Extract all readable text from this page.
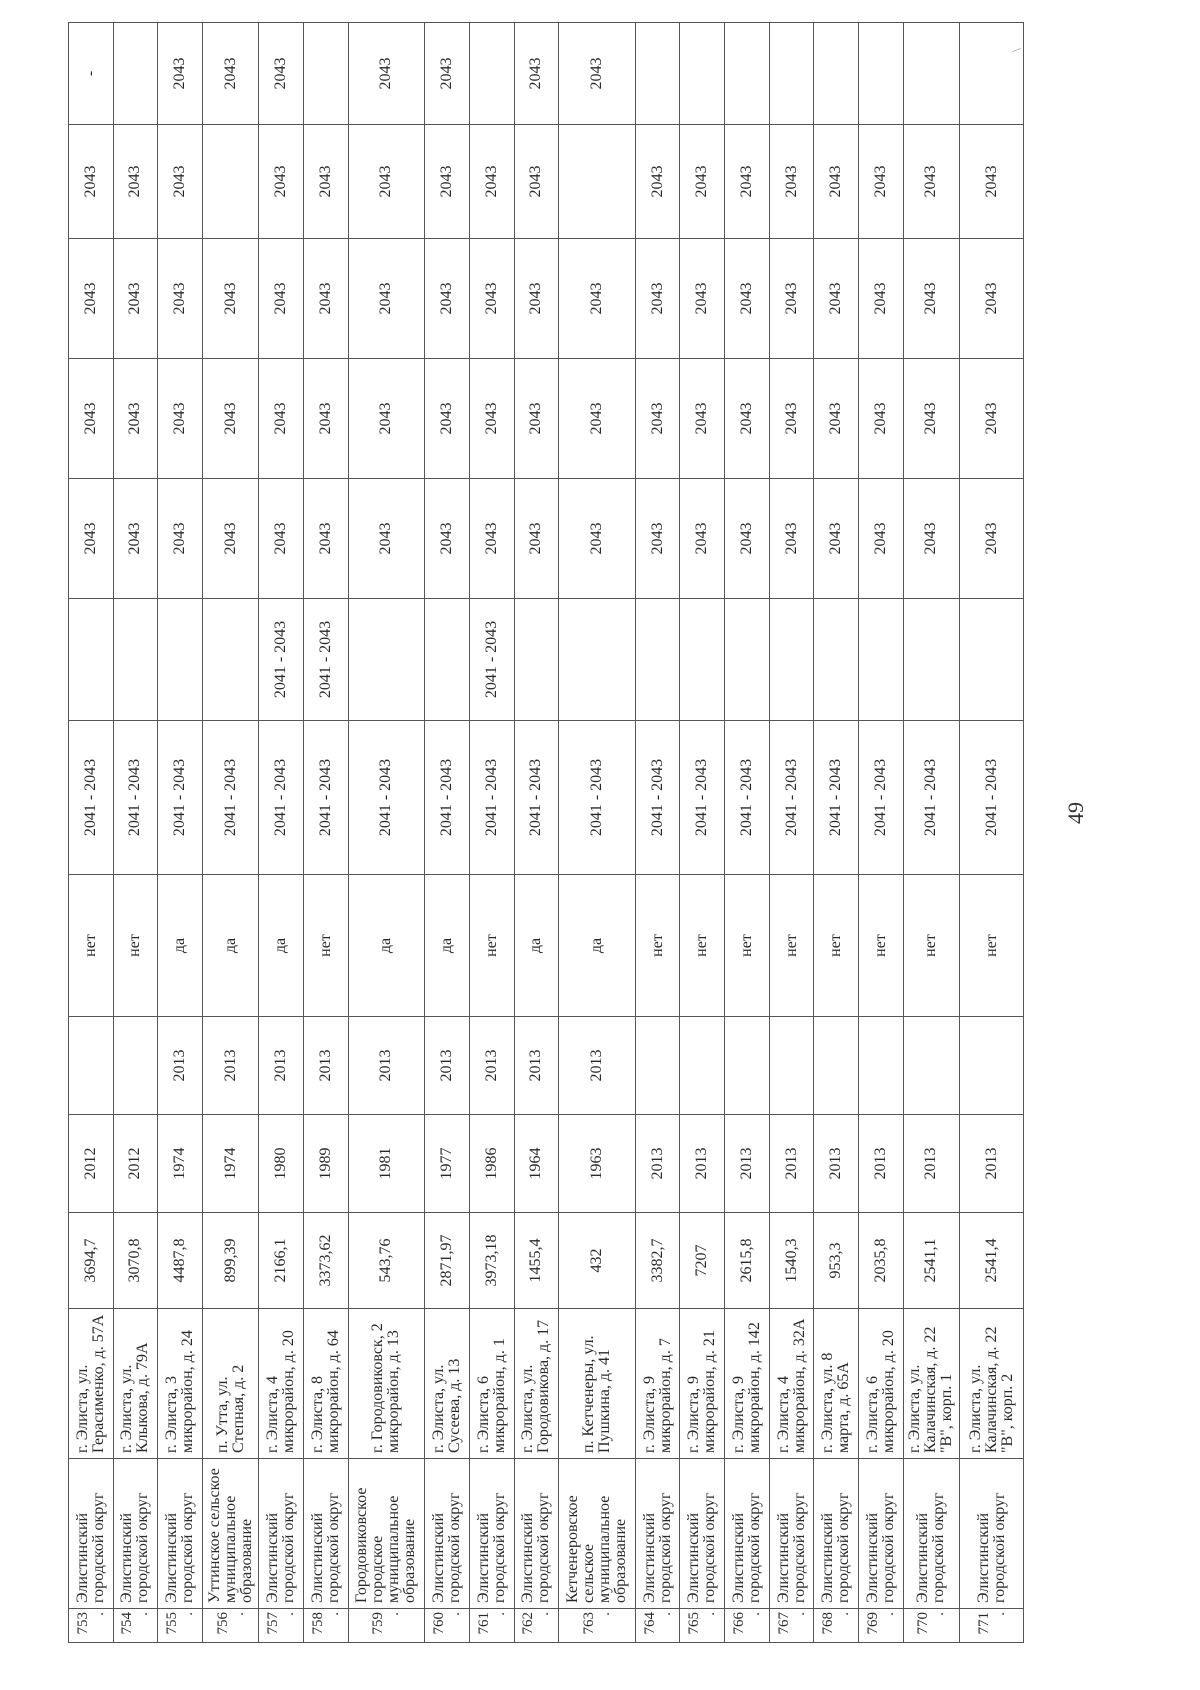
753.	Элистинский городской округ	г. Элиста, ул. Герасименко, д. 57А	3694,7	2012		нет	2041 - 2043		2043	2043	2043	2043	-
754.	Элистинский городской округ	г. Элиста, ул. Клыкова, д. 79А	3070,8	2012		нет	2041 - 2043		2043	2043	2043	2043	
755.	Элистинский городской округ	г. Элиста, 3 микрорайон, д. 24	4487,8	1974	2013	да	2041 - 2043		2043	2043	2043	2043	2043
756.	Уттинское сельское муниципальное образование	п. Утта, ул. Степная, д. 2	899,39	1974	2013	да	2041 - 2043		2043	2043	2043		2043
757.	Элистинский городской округ	г. Элиста, 4 микрорайон, д. 20	2166,1	1980	2013	да	2041 - 2043	2041 - 2043	2043	2043	2043	2043	2043
758.	Элистинский городской округ	г. Элиста, 8 микрорайон, д. 64	3373,62	1989	2013	нет	2041 - 2043	2041 - 2043	2043	2043	2043	2043	
759.	Городовиковское городское муниципальное образование	г. Городовиковск, 2 микрорайон, д. 13	543,76	1981	2013	да	2041 - 2043		2043	2043	2043	2043	2043
760.	Элистинский городской округ	г. Элиста, ул. Сусеева, д. 13	2871,97	1977	2013	да	2041 - 2043		2043	2043	2043	2043	2043
761.	Элистинский городской округ	г. Элиста, 6 микрорайон, д. 1	3973,18	1986	2013	нет	2041 - 2043	2041 - 2043	2043	2043	2043	2043	
762.	Элистинский городской округ	г. Элиста, ул. Городовикова, д. 17	1455,4	1964	2013	да	2041 - 2043		2043	2043	2043	2043	2043
763.	Кетченеровское сельское муниципальное образование	п. Кетченеры, ул. Пушкина, д. 41	432	1963	2013	да	2041 - 2043		2043	2043	2043		2043
764.	Элистинский городской округ	г. Элиста, 9 микрорайон, д. 7	3382,7	2013		нет	2041 - 2043		2043	2043	2043	2043	
765.	Элистинский городской округ	г. Элиста, 9 микрорайон, д. 21	7207	2013		нет	2041 - 2043		2043	2043	2043	2043	
766.	Элистинский городской округ	г. Элиста, 9 микрорайон, д. 142	2615,8	2013		нет	2041 - 2043		2043	2043	2043	2043	
767.	Элистинский городской округ	г. Элиста, 4 микрорайон, д. 32А	1540,3	2013		нет	2041 - 2043		2043	2043	2043	2043	
768.	Элистинский городской округ	г. Элиста, ул. 8 марта, д. 65А	953,3	2013		нет	2041 - 2043		2043	2043	2043	2043	
769.	Элистинский городской округ	г. Элиста, 6 микрорайон, д. 20	2035,8	2013		нет	2041 - 2043		2043	2043	2043	2043	
770.	Элистинский городской округ	г. Элиста, ул. Калачинская, д. 22 "В", корп. 1	2541,1	2013		нет	2041 - 2043		2043	2043	2043	2043	
771.	Элистинский городской округ	г. Элиста, ул. Калачинская, д. 22 "В", корп. 2	2541,4	2013		нет	2041 - 2043		2043	2043	2043	2043	
49
\
